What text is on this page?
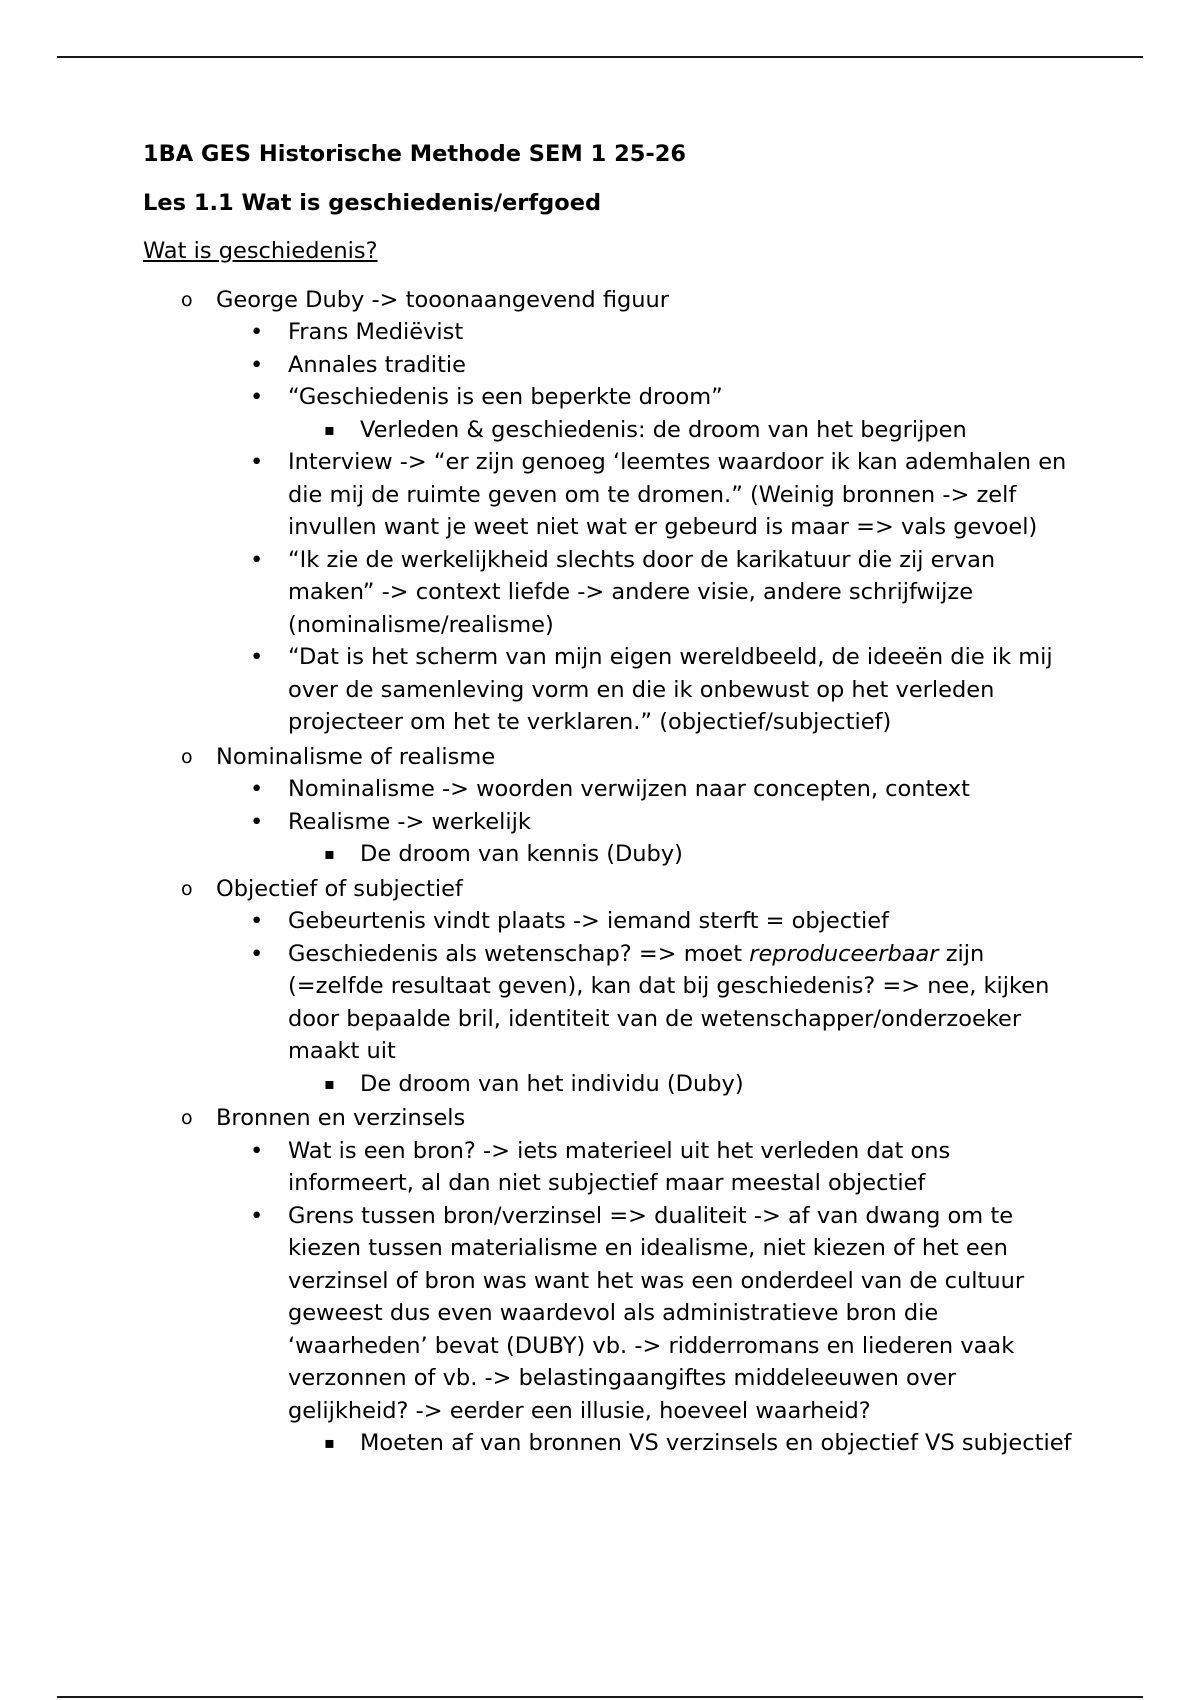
1BA GES Historische Methode SEM 1 25-26
Les 1.1 Wat is geschiedenis/erfgoed
Wat is geschiedenis?
o George Duby -> tooonaangevend figuur
• Frans Mediëvist
• Annales traditie
• “Geschiedenis is een beperkte droom”
▪ Verleden & geschiedenis: de droom van het begrijpen
• Interview -> “er zijn genoeg ‘leemtes waardoor ik kan ademhalen en die mij de ruimte geven om te dromen.” (Weinig bronnen -> zelf invullen want je weet niet wat er gebeurd is maar => vals gevoel)
• “Ik zie de werkelijkheid slechts door de karikatuur die zij ervan maken” -> context liefde -> andere visie, andere schrijfwijze (nominalisme/realisme)
• “Dat is het scherm van mijn eigen wereldbeeld, de ideeën die ik mij over de samenleving vorm en die ik onbewust op het verleden projecteer om het te verklaren.” (objectief/subjectief)
o Nominalisme of realisme
• Nominalisme -> woorden verwijzen naar concepten, context
• Realisme -> werkelijk
▪ De droom van kennis (Duby)
o Objectief of subjectief
• Gebeurtenis vindt plaats -> iemand sterft = objectief
• Geschiedenis als wetenschap? => moet reproduceerbaar zijn (=zelfde resultaat geven), kan dat bij geschiedenis? => nee, kijken door bepaalde bril, identiteit van de wetenschapper/onderzoeker maakt uit
▪ De droom van het individu (Duby)
o Bronnen en verzinsels
• Wat is een bron? -> iets materieel uit het verleden dat ons informeert, al dan niet subjectief maar meestal objectief
• Grens tussen bron/verzinsel => dualiteit -> af van dwang om te kiezen tussen materialisme en idealisme, niet kiezen of het een verzinsel of bron was want het was een onderdeel van de cultuur geweest dus even waardevol als administratieve bron die ‘waarheden’ bevat (DUBY) vb. -> ridderromans en liederen vaak verzonnen of vb. -> belastingaangiftes middeleeuwen over gelijkheid? -> eerder een illusie, hoeveel waarheid?
▪ Moeten af van bronnen VS verzinsels en objectief VS subjectief
